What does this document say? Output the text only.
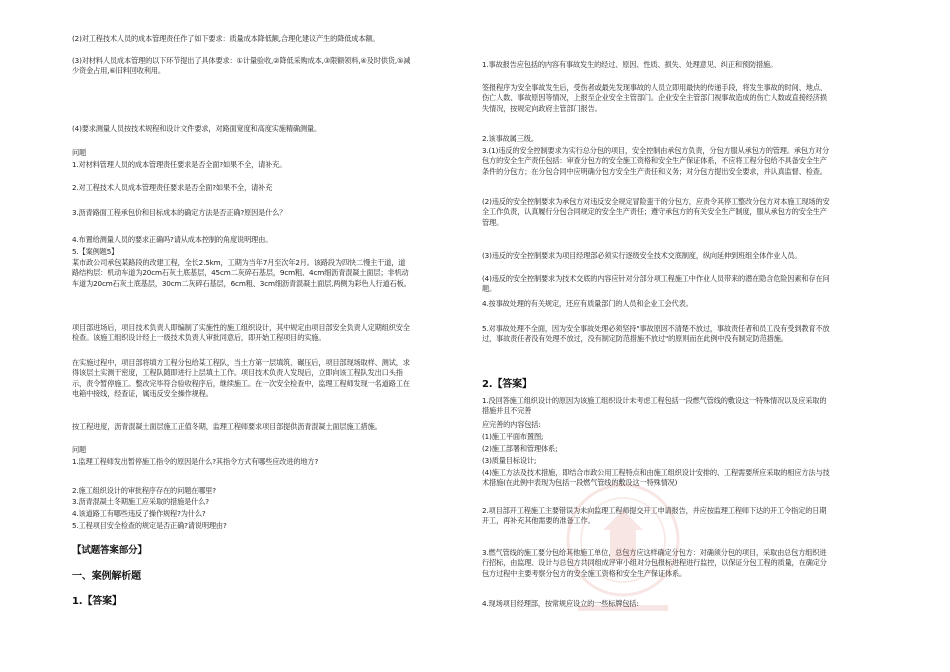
(2)对工程技术人员的成本管理责任作了如下要求：质量成本降低额,合理化建议产生的降低成本额。

(3)对材料人员成本管理的以下环节提出了具体要求：①计量验收,②降低采购成本,③限额领料,④及时供货,⑤减少资金占用,⑥旧料回收利用。

(4)要求测量人员按技术规程和设计文件要求，对路面宽度和高度实施精确测量。

问题

1.对材料管理人员的成本管理责任要求是否全面?如果不全，请补充。

2.对工程技术人员成本管理责任要求是否全面?如果不全，请补充

3.沥青路面工程承包价和目标成本的确定方法是否正确?原因是什么？

4.布置给测量人员的要求正确吗?请从成本控制的角度说明理由。

5.【案例题5】

某市政公司承包某路段的改建工程，全长2.5km，工期为当年7月至次年2月。该路段为四快二慢主干道，道路结构层：机动车道为20cm石灰土底基层，45cm二灰碎石基层，9cm粗、4cm细沥青混凝土面层；非机动车道为20cm石灰土底基层，30cm二灰碎石基层，6cm粗、3cm细沥青混凝土面层,两侧为彩色人行道石板。

项目部进场后，项目技术负责人即编制了实施性的施工组织设计，其中规定由项目部安全负责人定期组织安全检查。该施工组织设计经上一级技术负责人审批同意后，即开始工程项目的实施。

在实施过程中，项目部将填方工程分包给某工程队，当土方第一层填筑、碾压后，项目部现场取样、测试，求得该层土实测干密度，工程队随即进行上层填土工作。项目技术负责人发现后，立即向该工程队发出口头指示，责令暂停施工。整改完毕符合验收程序后，继续施工。在一次安全检查中，监理工程师发现一名道路工在电箱中接线，经查证，属违反安全操作规程。

按工程进度，沥青混凝土面层施工正值冬期，监理工程师要求项目部提供沥青混凝土面层施工措施。

问题

1.监理工程师发出暂停施工指令的原因是什么?其指令方式有哪些应改进的地方?

2.施工组织设计的审批程序存在的问题在哪里?

3.沥青混凝土冬期施工应采取的措施是什么?

4.该道路工有哪些违反了操作规程?为什么?

5.工程项目安全检查的规定是否正确?请说明理由?

【试题答案部分】

一、案例解析题

1.【答案】

1.事故报告应包括的内容有事故发生的经过、原因、性质、损失、处理意见、纠正和预防措施。

签报程序为安全事故发生后，受伤者或最先发现事故的人员立即用最快的传递手段，将发生事故的时间、地点、伤亡人数、事故原因等情况，上报至企业安全主管部门。企业安全主管部门视事故造成的伤亡人数或直接经济损失情况，按规定向政府主管部门报告。

2.该事故属三级。

3.(1)违反的安全控制要求为实行总分包的项目，安全控制由承包方负责，分包方服从承包方的管理。承包方对分包方的安全生产责任包括：审查分包方的安全施工资格和安全生产保证体系，不应将工程分包给不具备安全生产条件的分包方；在分包合同中应明确分包方安全生产责任和义务；对分包方提出安全要求，并认真监督、检查。

(2)违反的安全控制要求为承包方对违反安全规定冒险蛮干的分包方，应责令其停工整改分包方对本施工现场的安全工作负责，认真履行分包合同规定的安全生产责任；遵守承包方的有关安全生产制度，服从承包方的安全生产管理。

(3)违反的安全控制要求为项目经理部必须实行逐级安全技术交底制度，纵向延伸到班组全体作业人员。

(4)违反的安全控制要求为技术交底的内容应针对分部分项工程施工中作业人员带来的潜在隐含危险因素和存在问题。

4.按事故处理的有关规定，还应有质量部门的人员和企业工会代表。

5.对事故处理不全面，因为安全事故处理必须坚持"事故原因不清楚不放过，事故责任者和员工没有受到教育不放过，事故责任者没有处理不放过，没有制定防范措施不放过"的原则而在此例中没有制定防范措施。

1.没回答施工组织设计的原因为该施工组织设计未考虑工程包括一段燃气管线的敷设这一特殊情况以及应采取的措施并且不完善

应完善的内容包括:

(1)施工平面布置图;

(2)施工部署和管理体系;

(3)质量目标设计;

(4)施工方法及技术措施，即结合市政公用工程特点和由施工组织设计安排的、工程需要所应采取的相应方法与技术措施(在此例中表现为包括一段燃气管线的敷设这一特殊情况)

2.项目部开工程施工主要错误为未向监理工程师提交开工申请报告，并应按监理工程师下达的开工令指定的日期开工，再补充其他需要的准备工作。

3.燃气管线的施工要分包给其他施工单位，总包方应这样确定分包方：对确须分包的项目，采取由总包方组织进行招标，由监理、设计与总包方共同组成评审小组对分包报标进程进行监控，以保证分包工程的质量，在确定分包方过程中主要考察分包方的安全施工资格和安全生产保证体系。

4.现场项目经理部，按常规应设立的一些标牌包括:

2.【答案】
